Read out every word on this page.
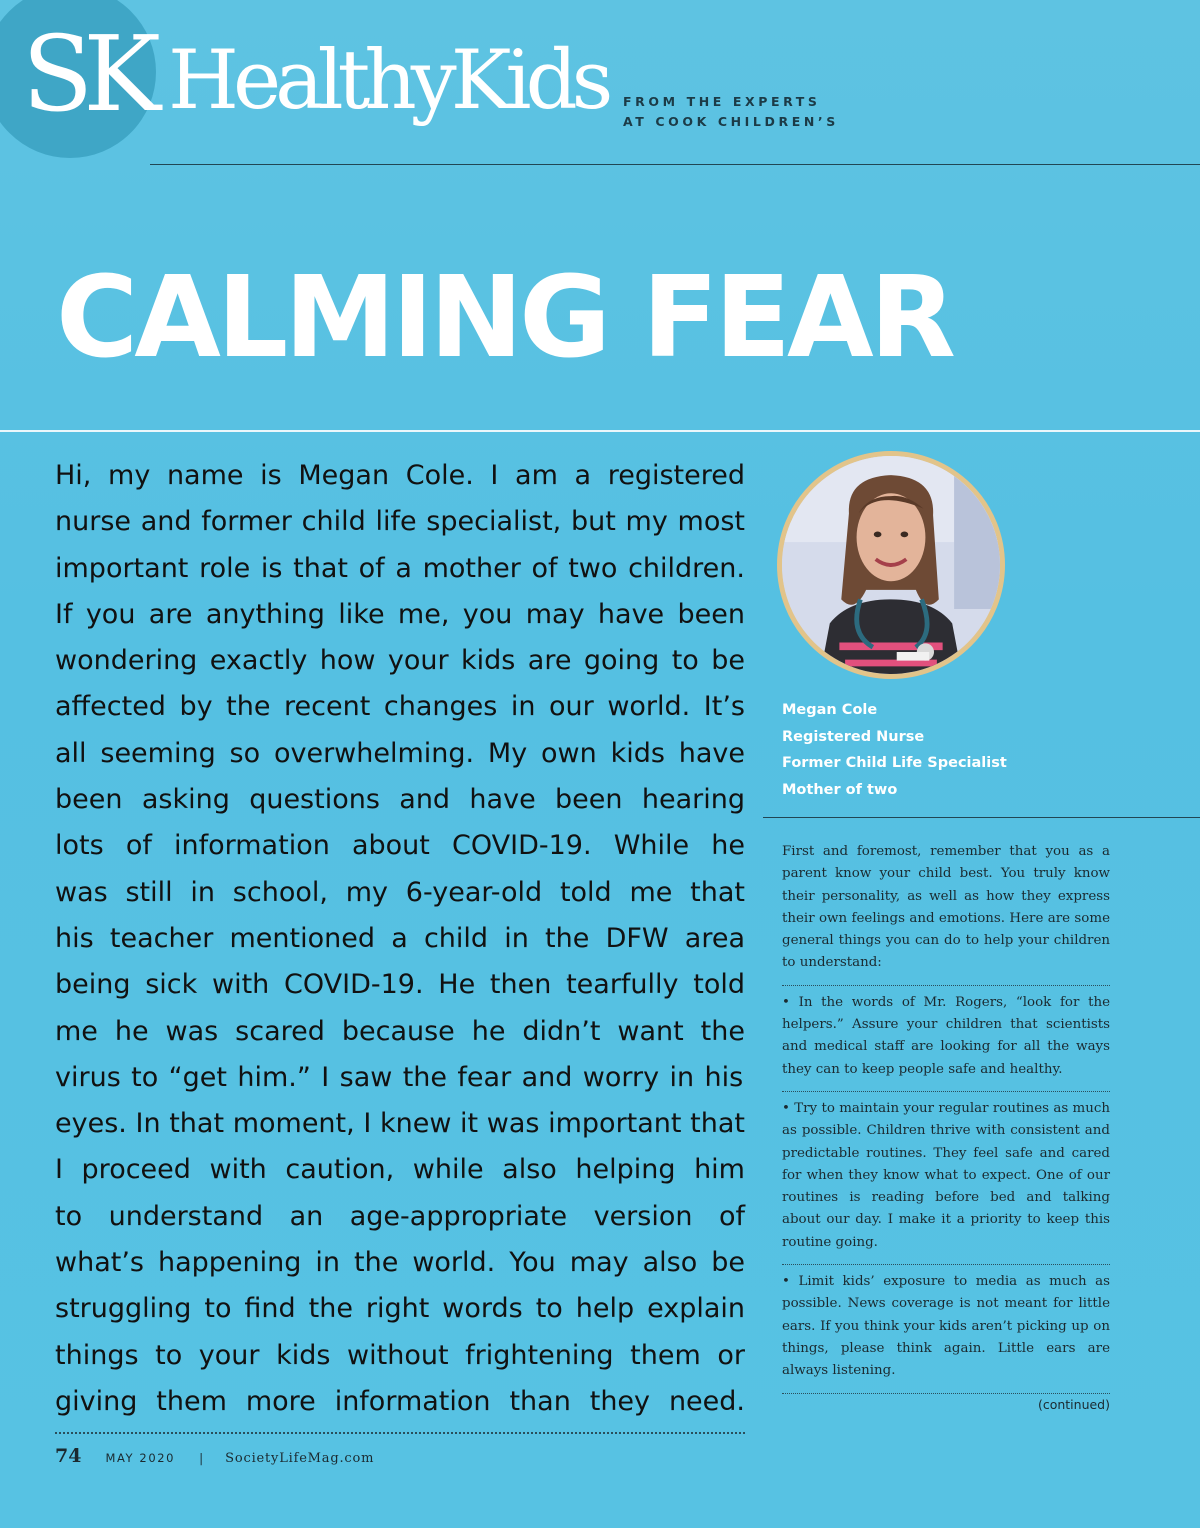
SK HealthyKids FROM THE EXPERTS
AT COOK CHILDREN’S
CALMING FEAR
Hi, my name is Megan Cole. I am a registered
nurse and former child life specialist, but my most
important role is that of a mother of two children.
If you are anything like me, you may have been
wondering exactly how your kids are going to be
affected by the recent changes in our world. It’s
all seeming so overwhelming. My own kids have
been asking questions and have been hearing
lots of information about COVID-19. While he
was still in school, my 6-year-old told me that
his teacher mentioned a child in the DFW area
being sick with COVID-19. He then tearfully told
me he was scared because he didn’t want the
virus to “get him.” I saw the fear and worry in his
eyes. In that moment, I knew it was important that
I proceed with caution, while also helping him
to understand an age-appropriate version of
what’s happening in the world. You may also be
struggling to find the right words to help explain
things to your kids without frightening them or
giving them more information than they need.
Megan Cole
Registered Nurse
Former Child Life Specialist
Mother of two

First and foremost, remember that you as a parent know your child best. You truly know their personality, as well as how they express their own feelings and emotions. Here are some general things you can do to help your children to understand:

• In the words of Mr. Rogers, “look for the helpers.” Assure your children that scientists and medical staff are looking for all the ways they can to keep people safe and healthy.

• Try to maintain your regular routines as much as possible. Children thrive with consistent and predictable routines. They feel safe and cared for when they know what to expect. One of our routines is reading before bed and talking about our day. I make it a priority to keep this routine going.

• Limit kids’ exposure to media as much as possible. News coverage is not meant for little ears. If you think your kids aren’t picking up on things, please think again. Little ears are always listening.

(continued)
74 MAY 2020 | SocietyLifeMag.com
